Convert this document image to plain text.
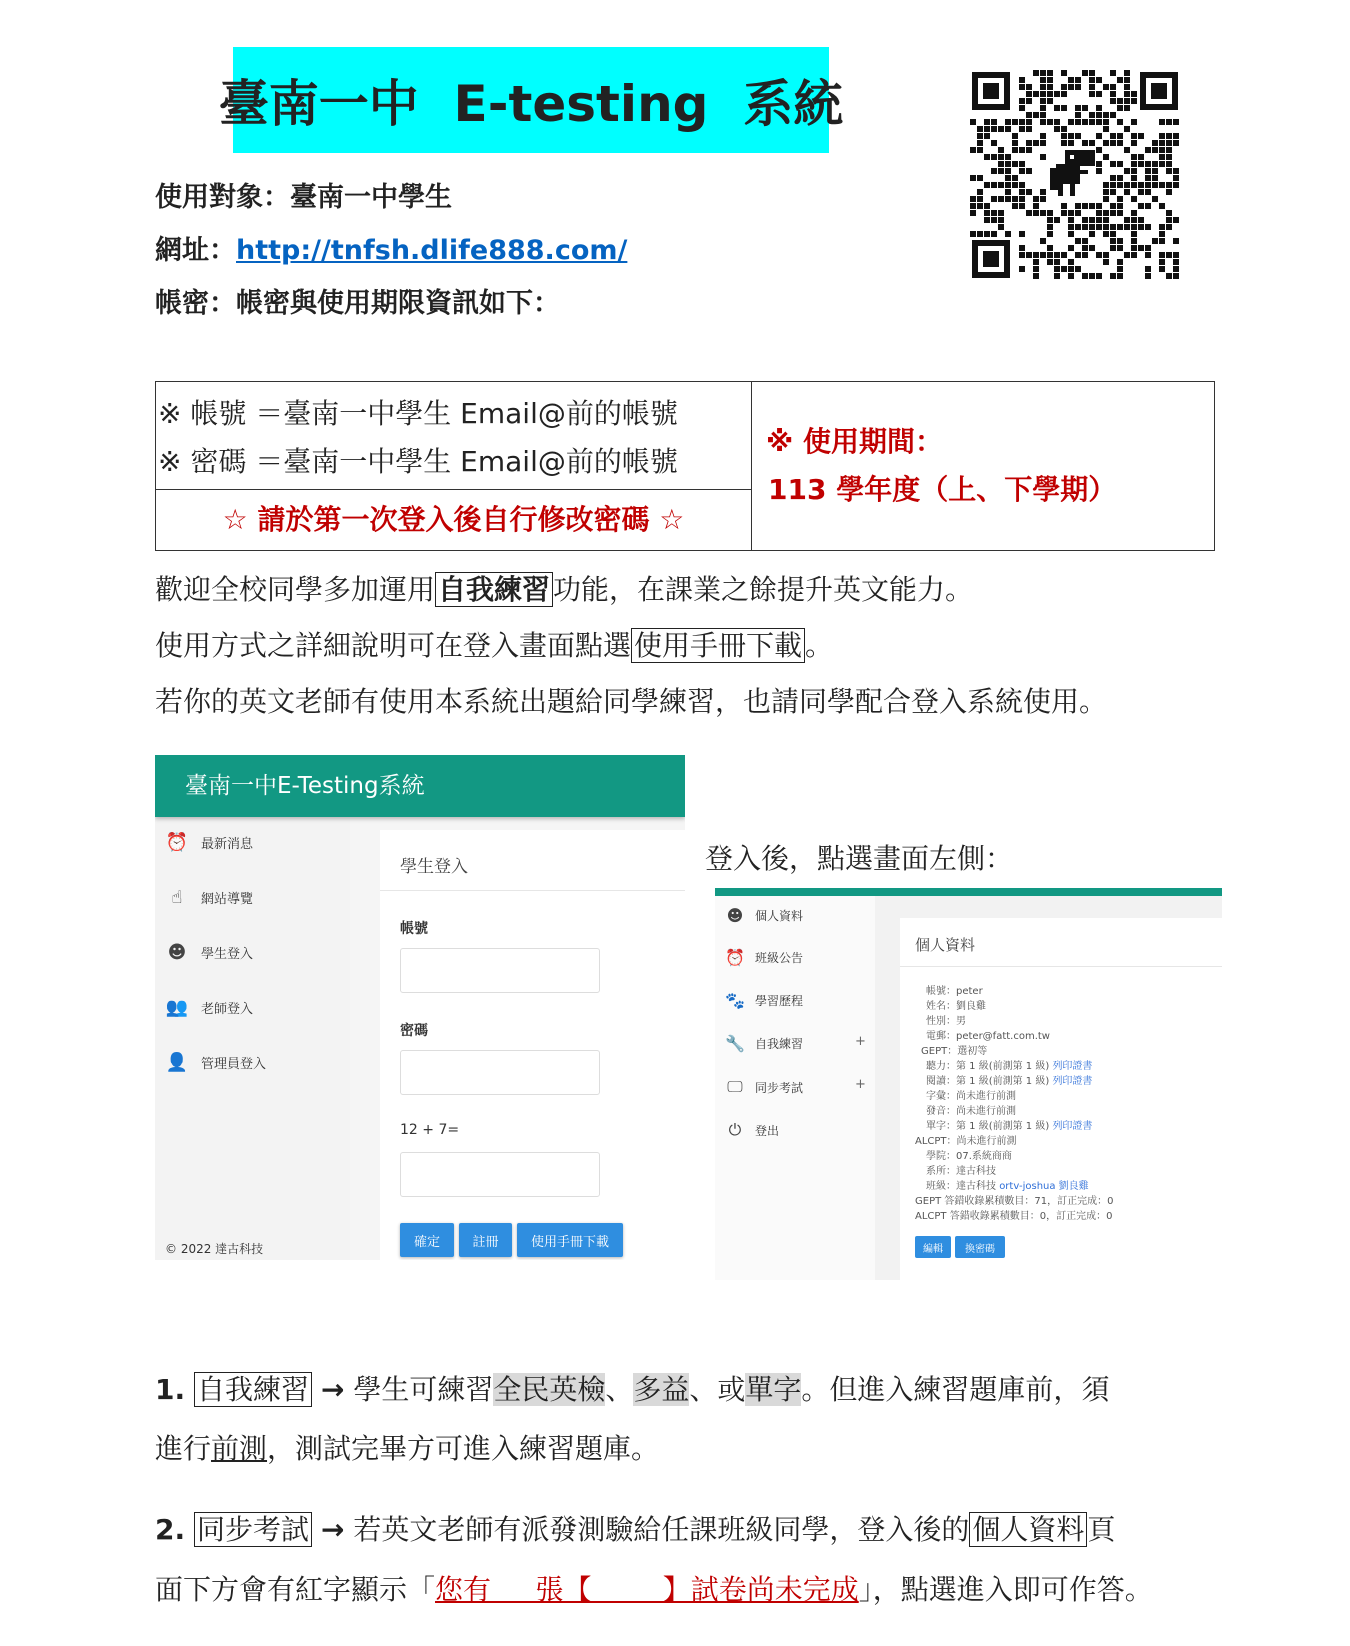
臺南一中  E-testing  系統
使用對象：臺南一中學生
網址：http://tnfsh.dlife888.com/
帳密：帳密與使用期限資訊如下：
※ 帳號 ＝臺南一中學生 Email@前的帳號
※ 密碼 ＝臺南一中學生 Email@前的帳號
☆ 請於第一次登入後自行修改密碼 ☆
※ 使用期間：
113 學年度（上、下學期）
歡迎全校同學多加運用 自我練習 功能，在課業之餘提升英文能力。
使用方式之詳細說明可在登入畫面點選 使用手冊下載 。
若你的英文老師有使用本系統出題給同學練習，也請同學配合登入系統使用。
⏰ 最新消息
☝	網站導覽
☻ 學生登入
👥 老師登入
👤 管理員登入
© 2022 達古科技
臺南一中E-Testing系統
學生登入
帳號
密碼
12 + 7=
確定	註冊	使用手冊下載
登入後，點選畫面左側：
☻ 個人資料
⏰ 班級公告
🐾 學習歷程
🔧 自我練習	+
🖵 同步考試	+
⏻	登出
個人資料
帳號：peter
姓名：劉良雞
性別：男
電郵：peter@fatt.com.tw
GEPT：選初等
聽力：第 1 級(前測第 1 級) 列印證書
閱讀：第 1 級(前測第 1 級) 列印證書
字彙：尚未進行前測
發音：尚未進行前測
單字：第 1 級(前測第 1 級) 列印證書
ALCPT：尚未進行前測
學院：07.系統商商
系所：達古科技
班級：達古科技 ortv-joshua 劉良雞
GEPT 答錯收錄累積數目：71，訂正完成：0
ALCPT 答錯收錄累積數目：0，訂正完成：0
編輯	換密碼
1. 自我練習 → 學生可練習全民英檢、多益、或單字。但進入練習題庫前，須
進行前測，測試完畢方可進入練習題庫。
2. 同步考試 → 若英文老師有派發測驗給任課班級同學，登入後的 個人資料 頁
面下方會有紅字顯示「您有     張【        】試卷尚未完成」，點選進入即可作答。
